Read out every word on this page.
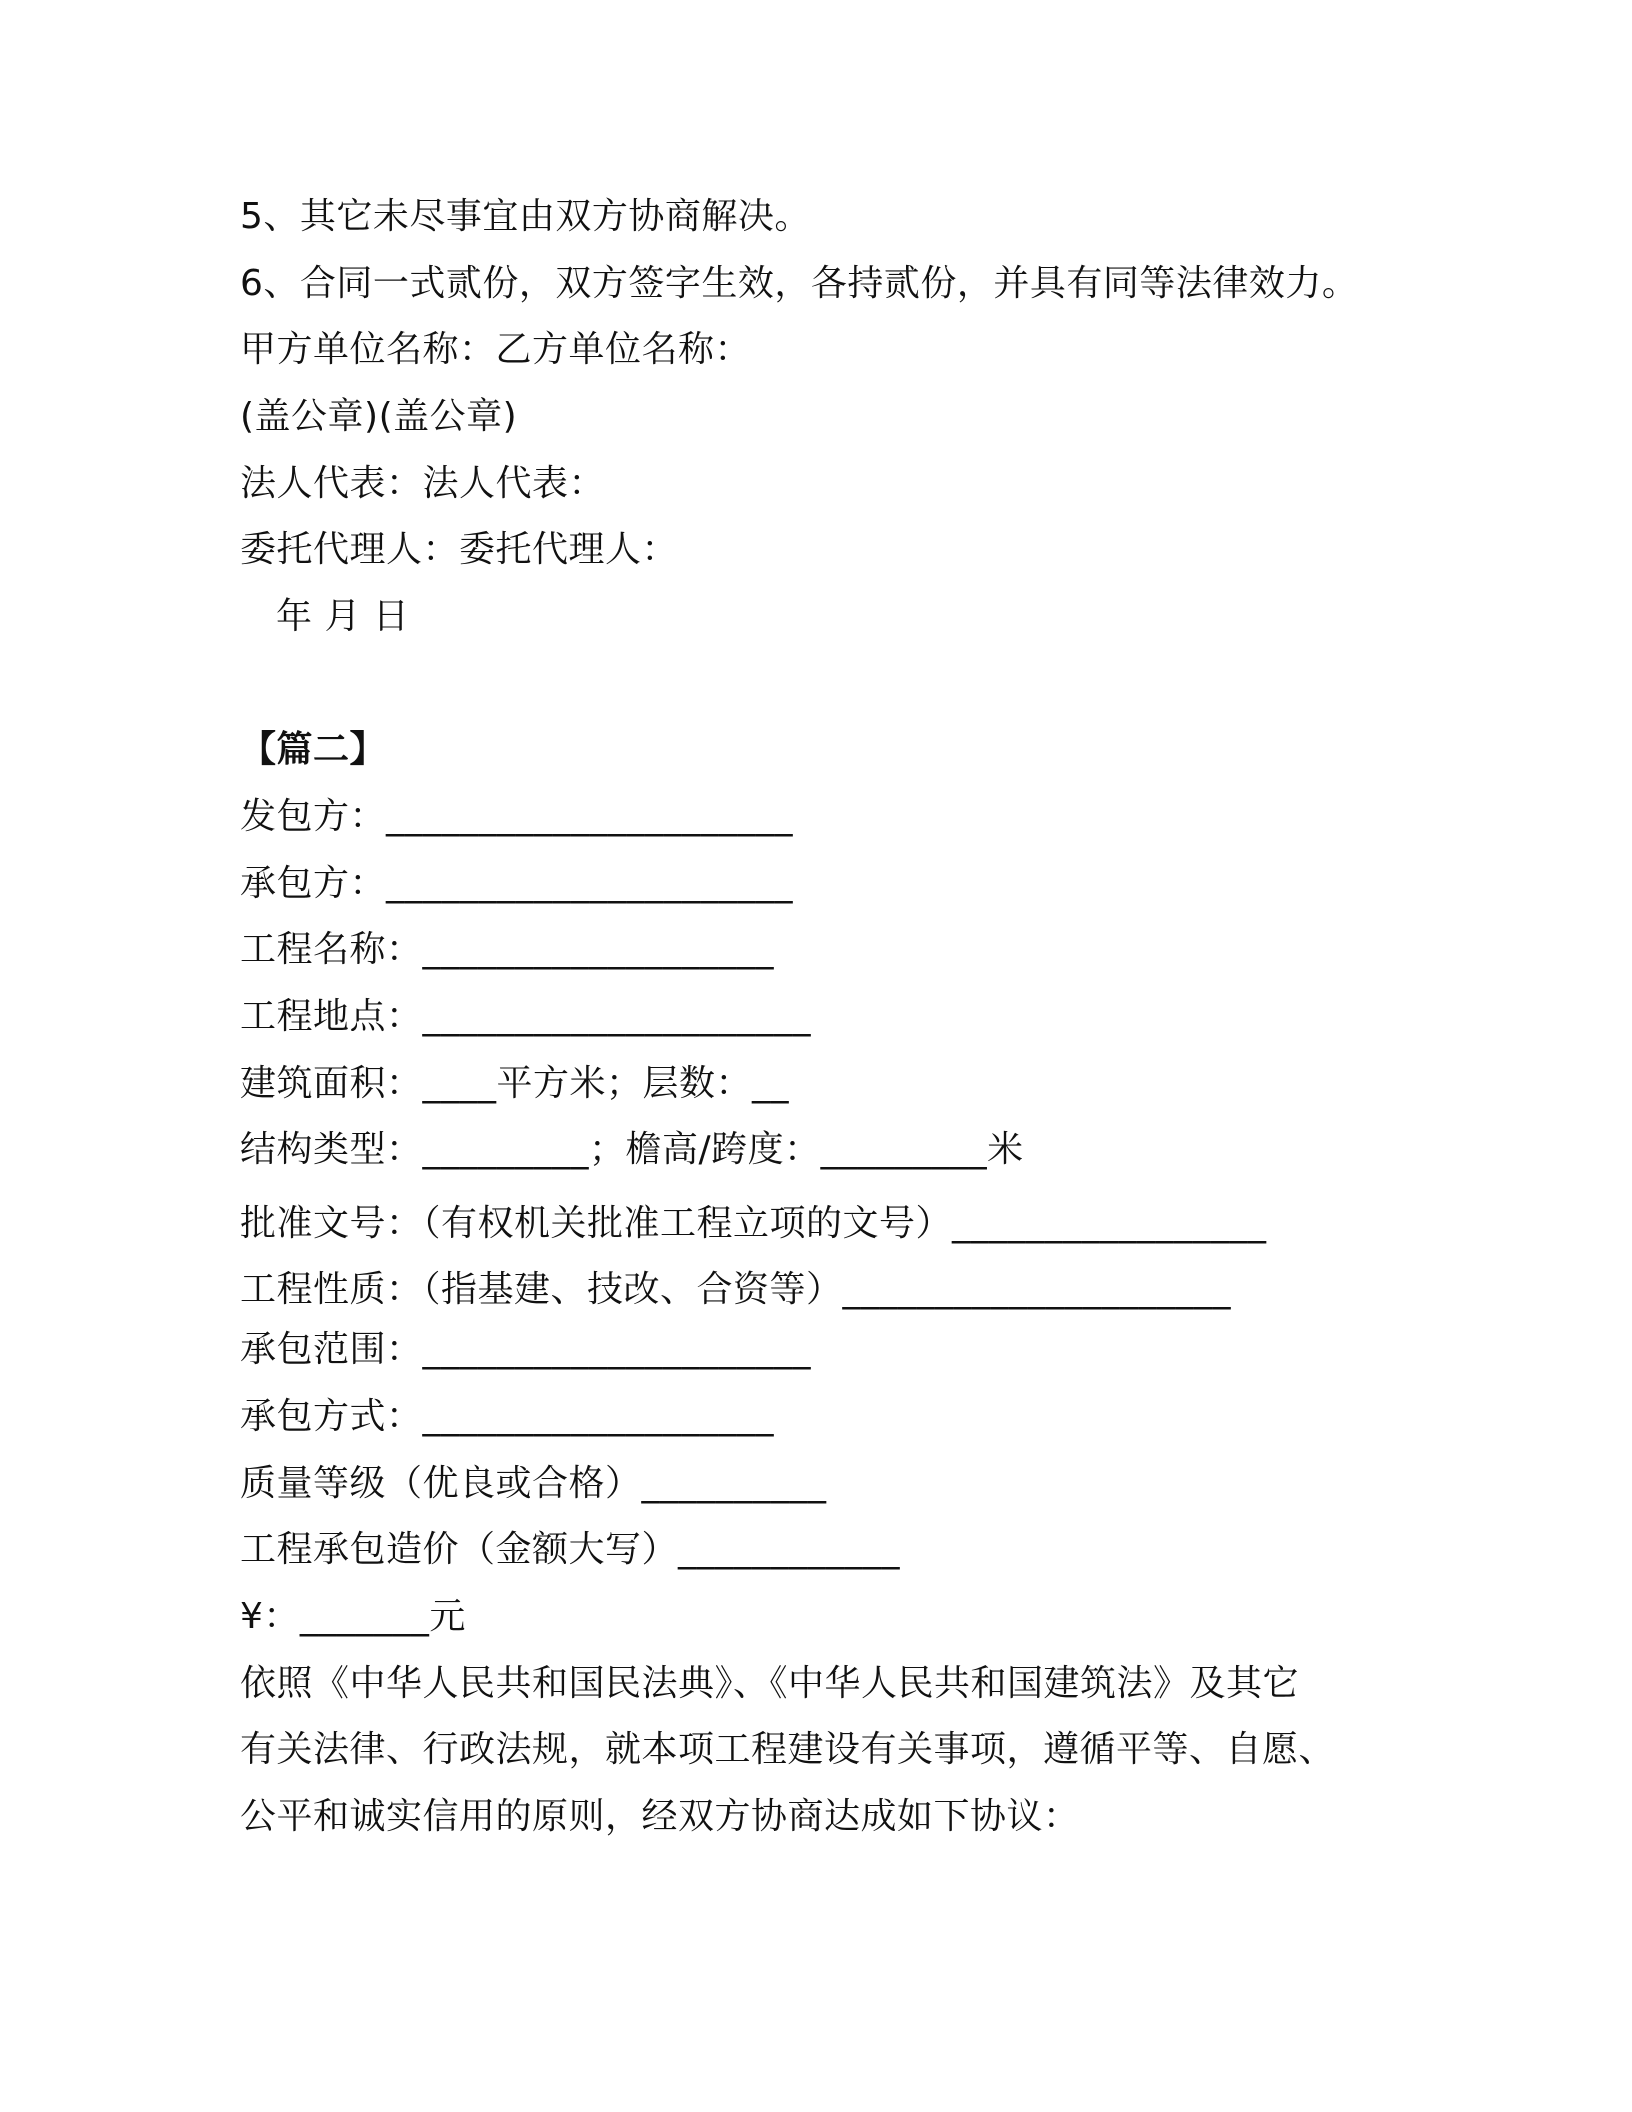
5、其它未尽事宜由双方协商解决。
6、合同一式贰份，双方签字生效，各持贰份，并具有同等法律效力。
甲方单位名称：乙方单位名称：
(盖公章)(盖公章)
法人代表：法人代表：
委托代理人：委托代理人：
年 月 日
【篇二】
发包方：______________________
承包方：______________________
工程名称：___________________
工程地点：_____________________
建筑面积：____平方米；层数：__
结构类型：_________；檐高/跨度：_________米
批准文号：（有权机关批准工程立项的文号）_________________
工程性质：（指基建、技改、合资等）_____________________
承包范围：_____________________
承包方式：___________________
质量等级（优良或合格）__________
工程承包造价（金额大写）____________
¥：_______元
依照《中华人民共和国民法典》、《中华人民共和国建筑法》及其它
有关法律、行政法规，就本项工程建设有关事项，遵循平等、自愿、
公平和诚实信用的原则，经双方协商达成如下协议：
